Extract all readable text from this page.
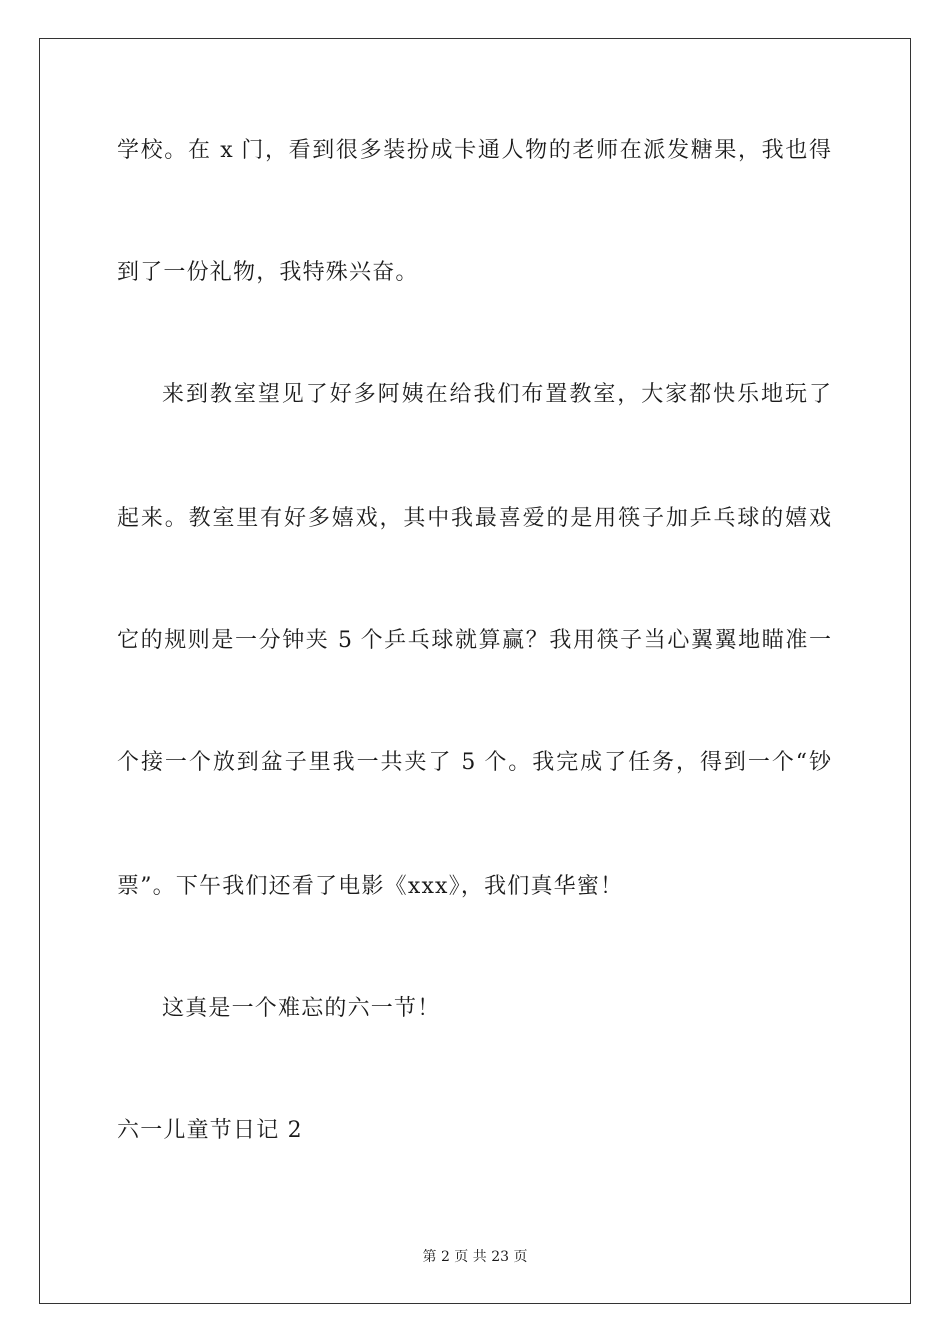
学校。在 x 门，看到很多装扮成卡通人物的老师在派发糖果，我也得
到了一份礼物，我特殊兴奋。
来到教室望见了好多阿姨在给我们布置教室，大家都快乐地玩了
起来。教室里有好多嬉戏，其中我最喜爱的是用筷子加乒乓球的嬉戏
它的规则是一分钟夹 5 个乒乓球就算赢？我用筷子当心翼翼地瞄准一
个接一个放到盆子里我一共夹了 5 个。我完成了任务，得到一个“钞
票”。下午我们还看了电影《xxx》，我们真华蜜！
这真是一个难忘的六一节！
六一儿童节日记 2
第 2 页 共 23 页
